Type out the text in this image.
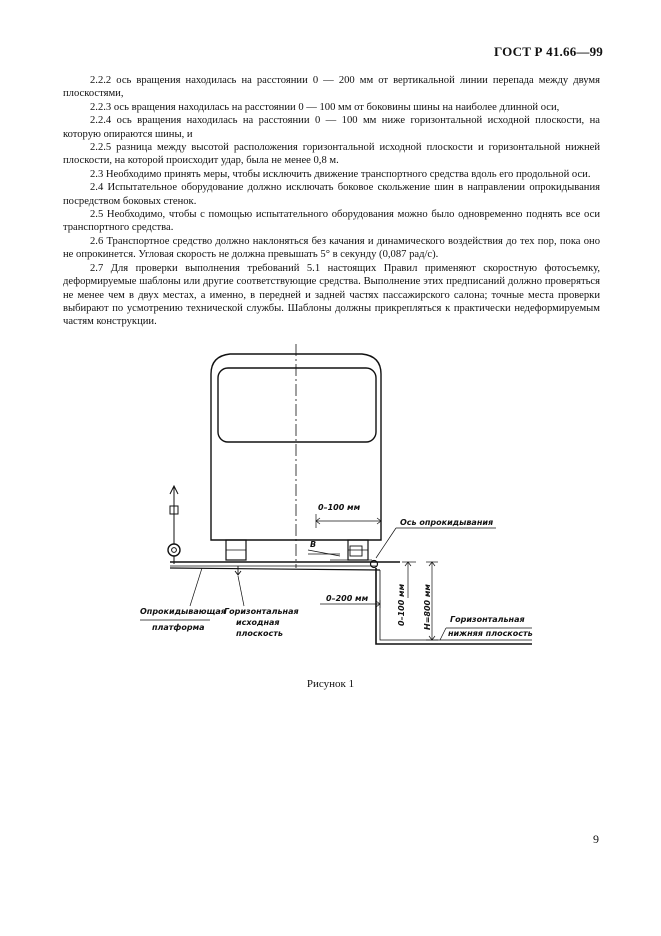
ГОСТ Р 41.66—99

2.2.2 ось вращения находилась на расстоянии 0 — 200 мм от вертикальной линии перепада между двумя плоскостями,

2.2.3 ось вращения находилась на расстоянии 0 — 100 мм от боковины шины на наиболее длинной оси,

2.2.4 ось вращения находилась на расстоянии 0 — 100 мм ниже горизонтальной исходной плоскости, на которую опираются шины, и

2.2.5 разница между высотой расположения горизонтальной исходной плоскости и горизонтальной нижней плоскости, на которой происходит удар, была не менее 0,8 м.

2.3 Необходимо принять меры, чтобы исключить движение транспортного средства вдоль его продольной оси.

2.4 Испытательное оборудование должно исключать боковое скольжение шин в направлении опрокидывания посредством боковых стенок.

2.5 Необходимо, чтобы с помощью испытательного оборудования можно было одновременно поднять все оси транспортного средства.

2.6 Транспортное средство должно наклоняться без качания и динамического воздействия до тех пор, пока оно не опрокинется. Угловая скорость не должна превышать 5° в секунду (0,087 рад/с).

2.7 Для проверки выполнения требований 5.1 настоящих Правил применяют скоростную фотосъемку, деформируемые шаблоны или другие соответствующие средства. Выполнение этих предписаний должно проверяться не менее чем в двух местах, а именно, в передней и задней частях пассажирского салона; точные места проверки выбирают по усмотрению технической службы. Шаблоны должны прикрепляться к практически недеформируемым частям конструкции.

0–100 мм
Ось опрокидывания
В
0–200 мм	0–100 мм H=800 мм
Опрокидывающая
платформа
Горизонтальная
исходная
плоскость
Горизонтальная
нижняя плоскость
Рисунок 1
9
